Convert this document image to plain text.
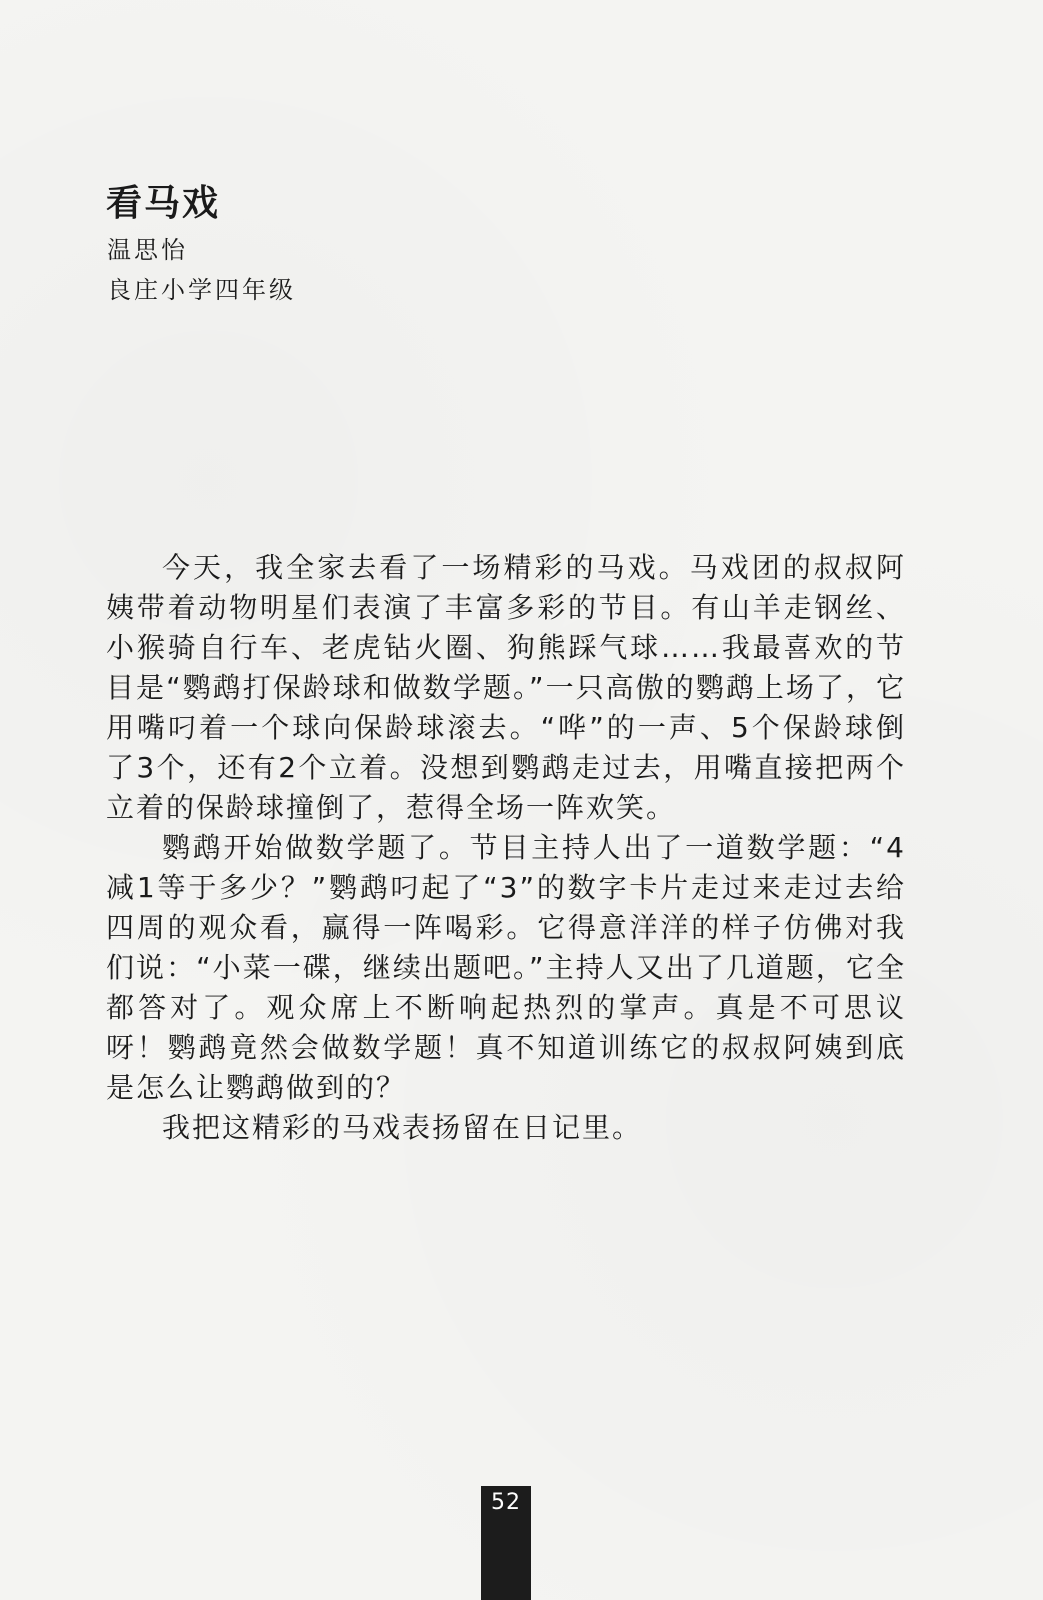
看马戏
温思怡
良庄小学四年级

今天，我全家去看了一场精彩的马戏。马戏团的叔叔阿姨带着动物明星们表演了丰富多彩的节目。有山羊走钢丝、小猴骑自行车、老虎钻火圈、狗熊踩气球……我最喜欢的节目是“鹦鹉打保龄球和做数学题。”一只高傲的鹦鹉上场了，它用嘴叼着一个球向保龄球滚去。“哗”的一声、5个保龄球倒了3个，还有2个立着。没想到鹦鹉走过去，用嘴直接把两个立着的保龄球撞倒了，惹得全场一阵欢笑。

鹦鹉开始做数学题了。节目主持人出了一道数学题：“4减1等于多少？”鹦鹉叼起了“3”的数字卡片走过来走过去给四周的观众看，赢得一阵喝彩。它得意洋洋的样子仿佛对我们说：“小菜一碟，继续出题吧。”主持人又出了几道题，它全都答对了。观众席上不断响起热烈的掌声。真是不可思议呀！鹦鹉竟然会做数学题！真不知道训练它的叔叔阿姨到底是怎么让鹦鹉做到的？

我把这精彩的马戏表扬留在日记里。

52
